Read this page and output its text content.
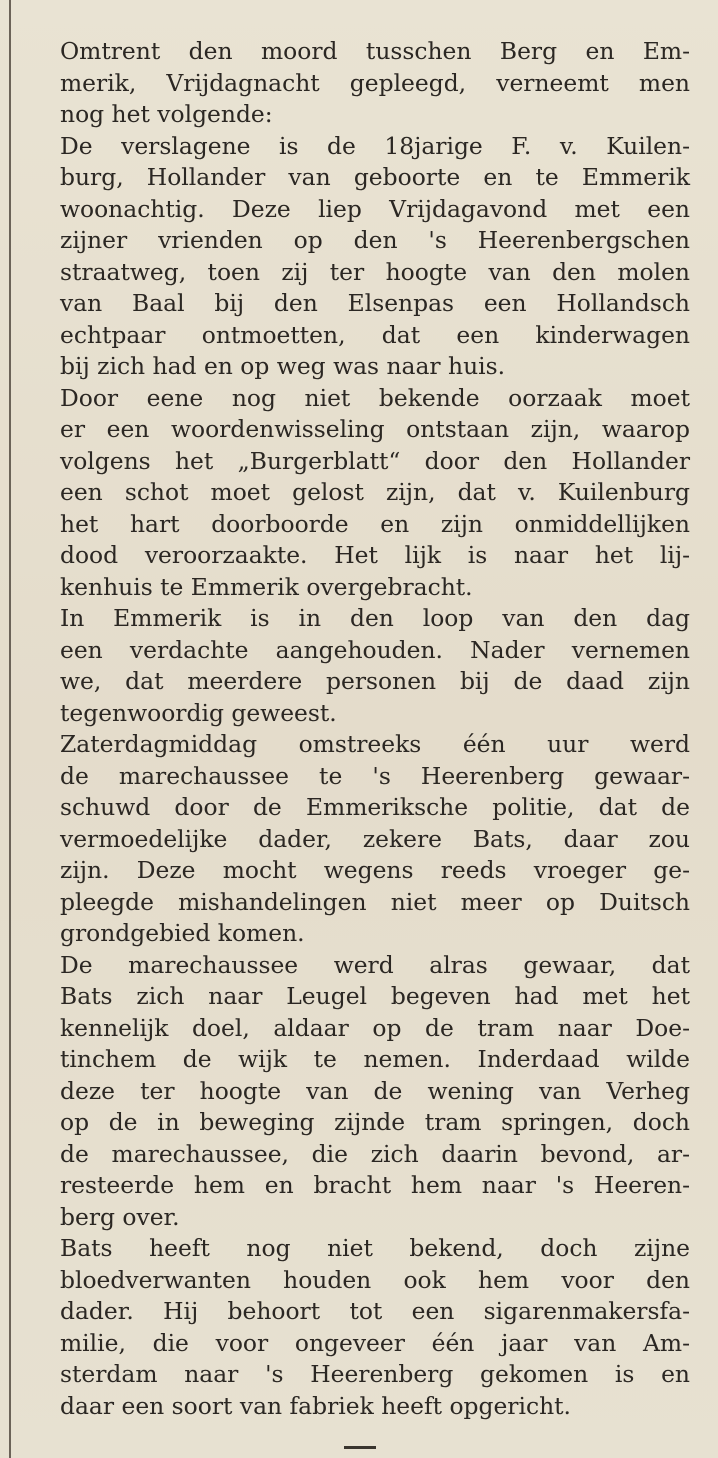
Omtrent den moord tusschen Berg en Em-
merik, Vrijdagnacht gepleegd, verneemt men
nog het volgende:

De verslagene is de 18jarige F. v. Kuilen-
burg, Hollander van geboorte en te Emmerik
woonachtig. Deze liep Vrijdagavond met een
zijner vrienden op den 's Heerenbergschen
straatweg, toen zij ter hoogte van den molen
van Baal bij den Elsenpas een Hollandsch
echtpaar ontmoetten, dat een kinderwagen
bij zich had en op weg was naar huis.

Door eene nog niet bekende oorzaak moet
er een woordenwisseling ontstaan zijn, waarop
volgens het „Burgerblatt“ door den Hollander
een schot moet gelost zijn, dat v. Kuilenburg
het hart doorboorde en zijn onmiddellijken
dood veroorzaakte. Het lijk is naar het lij-
kenhuis te Emmerik overgebracht.

In Emmerik is in den loop van den dag
een verdachte aangehouden. Nader vernemen
we, dat meerdere personen bij de daad zijn
tegenwoordig geweest.

Zaterdagmiddag omstreeks één uur werd
de marechaussee te 's Heerenberg gewaar-
schuwd door de Emmeriksche politie, dat de
vermoedelijke dader, zekere Bats, daar zou
zijn. Deze mocht wegens reeds vroeger ge-
pleegde mishandelingen niet meer op Duitsch
grondgebied komen.

De marechaussee werd alras gewaar, dat
Bats zich naar Leugel begeven had met het
kennelijk doel, aldaar op de tram naar Doe-
tinchem de wijk te nemen. Inderdaad wilde
deze ter hoogte van de wening van Verheg
op de in beweging zijnde tram springen, doch
de marechaussee, die zich daarin bevond, ar-
resteerde hem en bracht hem naar 's Heeren-
berg over.

Bats heeft nog niet bekend, doch zijne
bloedverwanten houden ook hem voor den
dader. Hij behoort tot een sigarenmakersfa-
milie, die voor ongeveer één jaar van Am-
sterdam naar 's Heerenberg gekomen is en
daar een soort van fabriek heeft opgericht.
